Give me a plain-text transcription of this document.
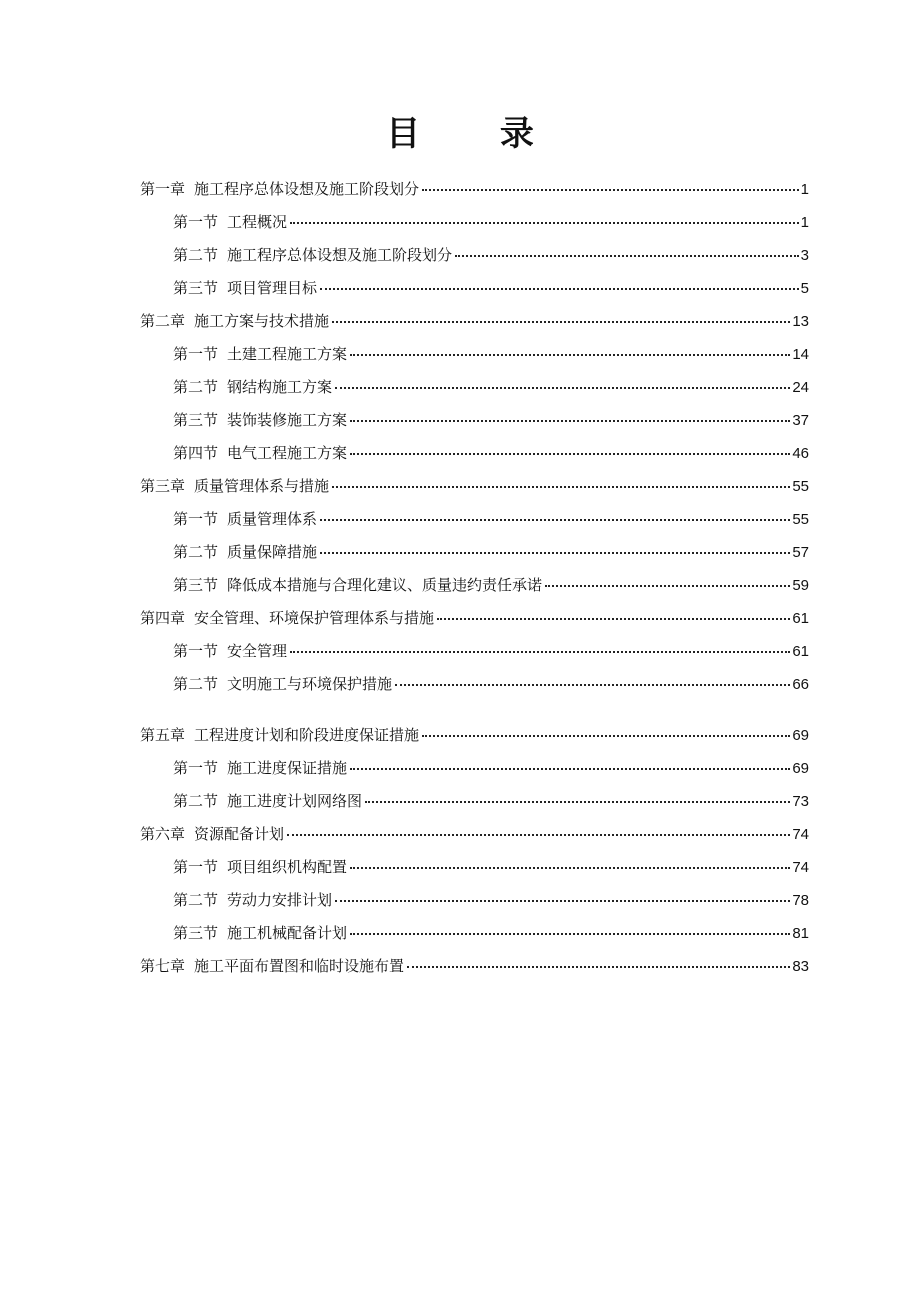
目 录
第一章 施工程序总体设想及施工阶段划分	1
第一节 工程概况	1
第二节 施工程序总体设想及施工阶段划分	3
第三节 项目管理目标	5
第二章 施工方案与技术措施	13
第一节 土建工程施工方案	14
第二节 钢结构施工方案	24
第三节 装饰装修施工方案	37
第四节 电气工程施工方案	46
第三章 质量管理体系与措施	55
第一节 质量管理体系	55
第二节 质量保障措施	57
第三节 降低成本措施与合理化建议、质量违约责任承诺	59
第四章 安全管理、环境保护管理体系与措施	61
第一节 安全管理	61
第二节 文明施工与环境保护措施	66
第五章 工程进度计划和阶段进度保证措施	69
第一节 施工进度保证措施	69
第二节 施工进度计划网络图	73
第六章 资源配备计划	74
第一节 项目组织机构配置	74
第二节 劳动力安排计划	78
第三节 施工机械配备计划	81
第七章 施工平面布置图和临时设施布置	83
